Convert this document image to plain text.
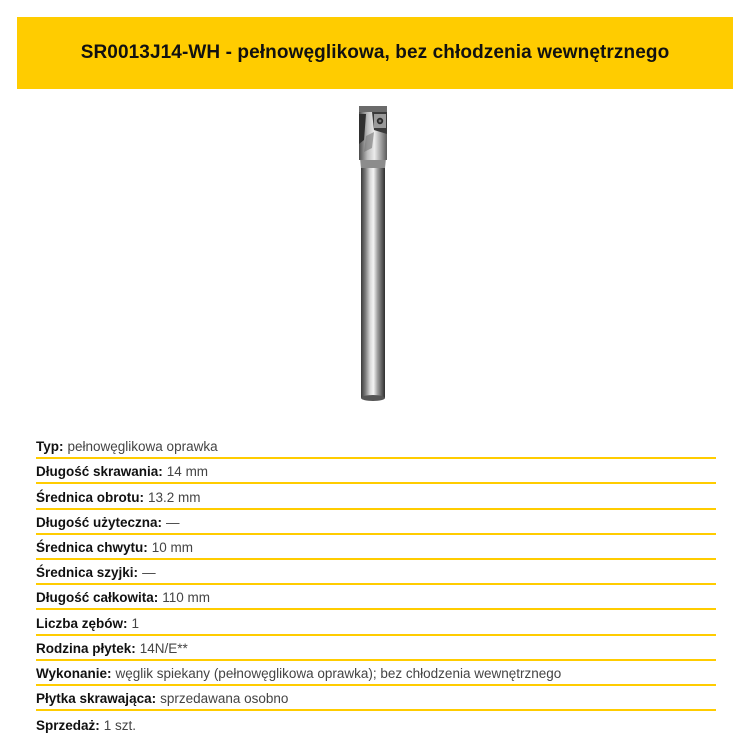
SR0013J14-WH - pełnowęglikowa, bez chłodzenia wewnętrznego
Typ: pełnowęglikowa oprawka
Długość skrawania: 14 mm
Średnica obrotu: 13.2 mm
Długość użyteczna: —
Średnica chwytu: 10 mm
Średnica szyjki: —
Długość całkowita: 110 mm
Liczba zębów: 1
Rodzina płytek: 14N/E**
Wykonanie: węglik spiekany (pełnowęglikowa oprawka); bez chłodzenia wewnętrznego
Płytka skrawająca: sprzedawana osobno
Sprzedaż: 1 szt.
